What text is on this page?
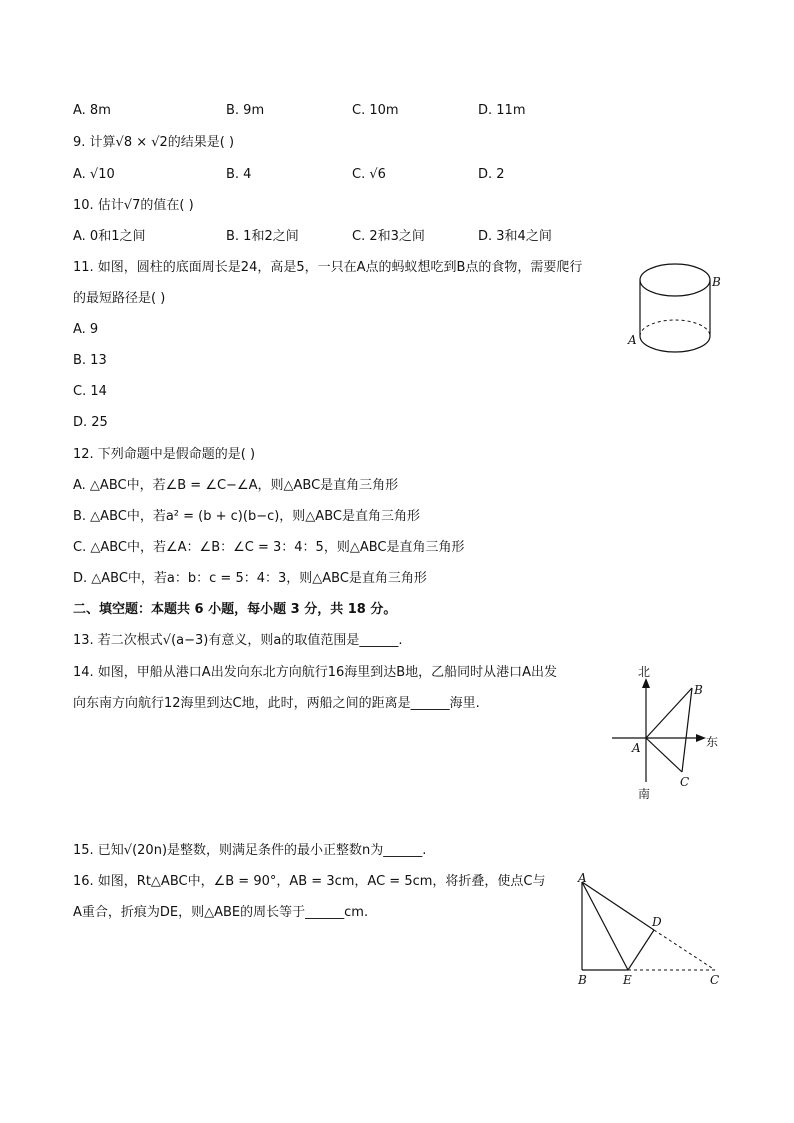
A. 8m	B. 9m	C. 10m	D. 11m
9. 计算√8 × √2的结果是( )
A. √10	B. 4	C. √6	D. 2
10. 估计√7的值在( )
A. 0和1之间	B. 1和2之间	C. 2和3之间	D. 3和4之间
11. 如图，圆柱的底面周长是24，高是5，一只在A点的蚂蚁想吃到B点的食物，需要爬行
的最短路径是( )
A. 9
B. 13
C. 14
D. 25
A
B
12. 下列命题中是假命题的是( )
A. △ABC中，若∠B = ∠C−∠A，则△ABC是直角三角形
B. △ABC中，若a² = (b + c)(b−c)，则△ABC是直角三角形
C. △ABC中，若∠A：∠B：∠C = 3：4：5，则△ABC是直角三角形
D. △ABC中，若a：b：c = 5：4：3，则△ABC是直角三角形
二、填空题：本题共 6 小题，每小题 3 分，共 18 分。
13. 若二次根式√(a−3)有意义，则a的取值范围是______.
14. 如图，甲船从港口A出发向东北方向航行16海里到达B地，乙船同时从港口A出发
向东南方向航行12海里到达C地，此时，两船之间的距离是______海里.
北
东
南
A
B
C
15. 已知√(20n)是整数，则满足条件的最小正整数n为______.
16. 如图，Rt△ABC中，∠B = 90°，AB = 3cm，AC = 5cm，将折叠，使点C与
A重合，折痕为DE，则△ABE的周长等于______cm.
A
B	E	C
D
